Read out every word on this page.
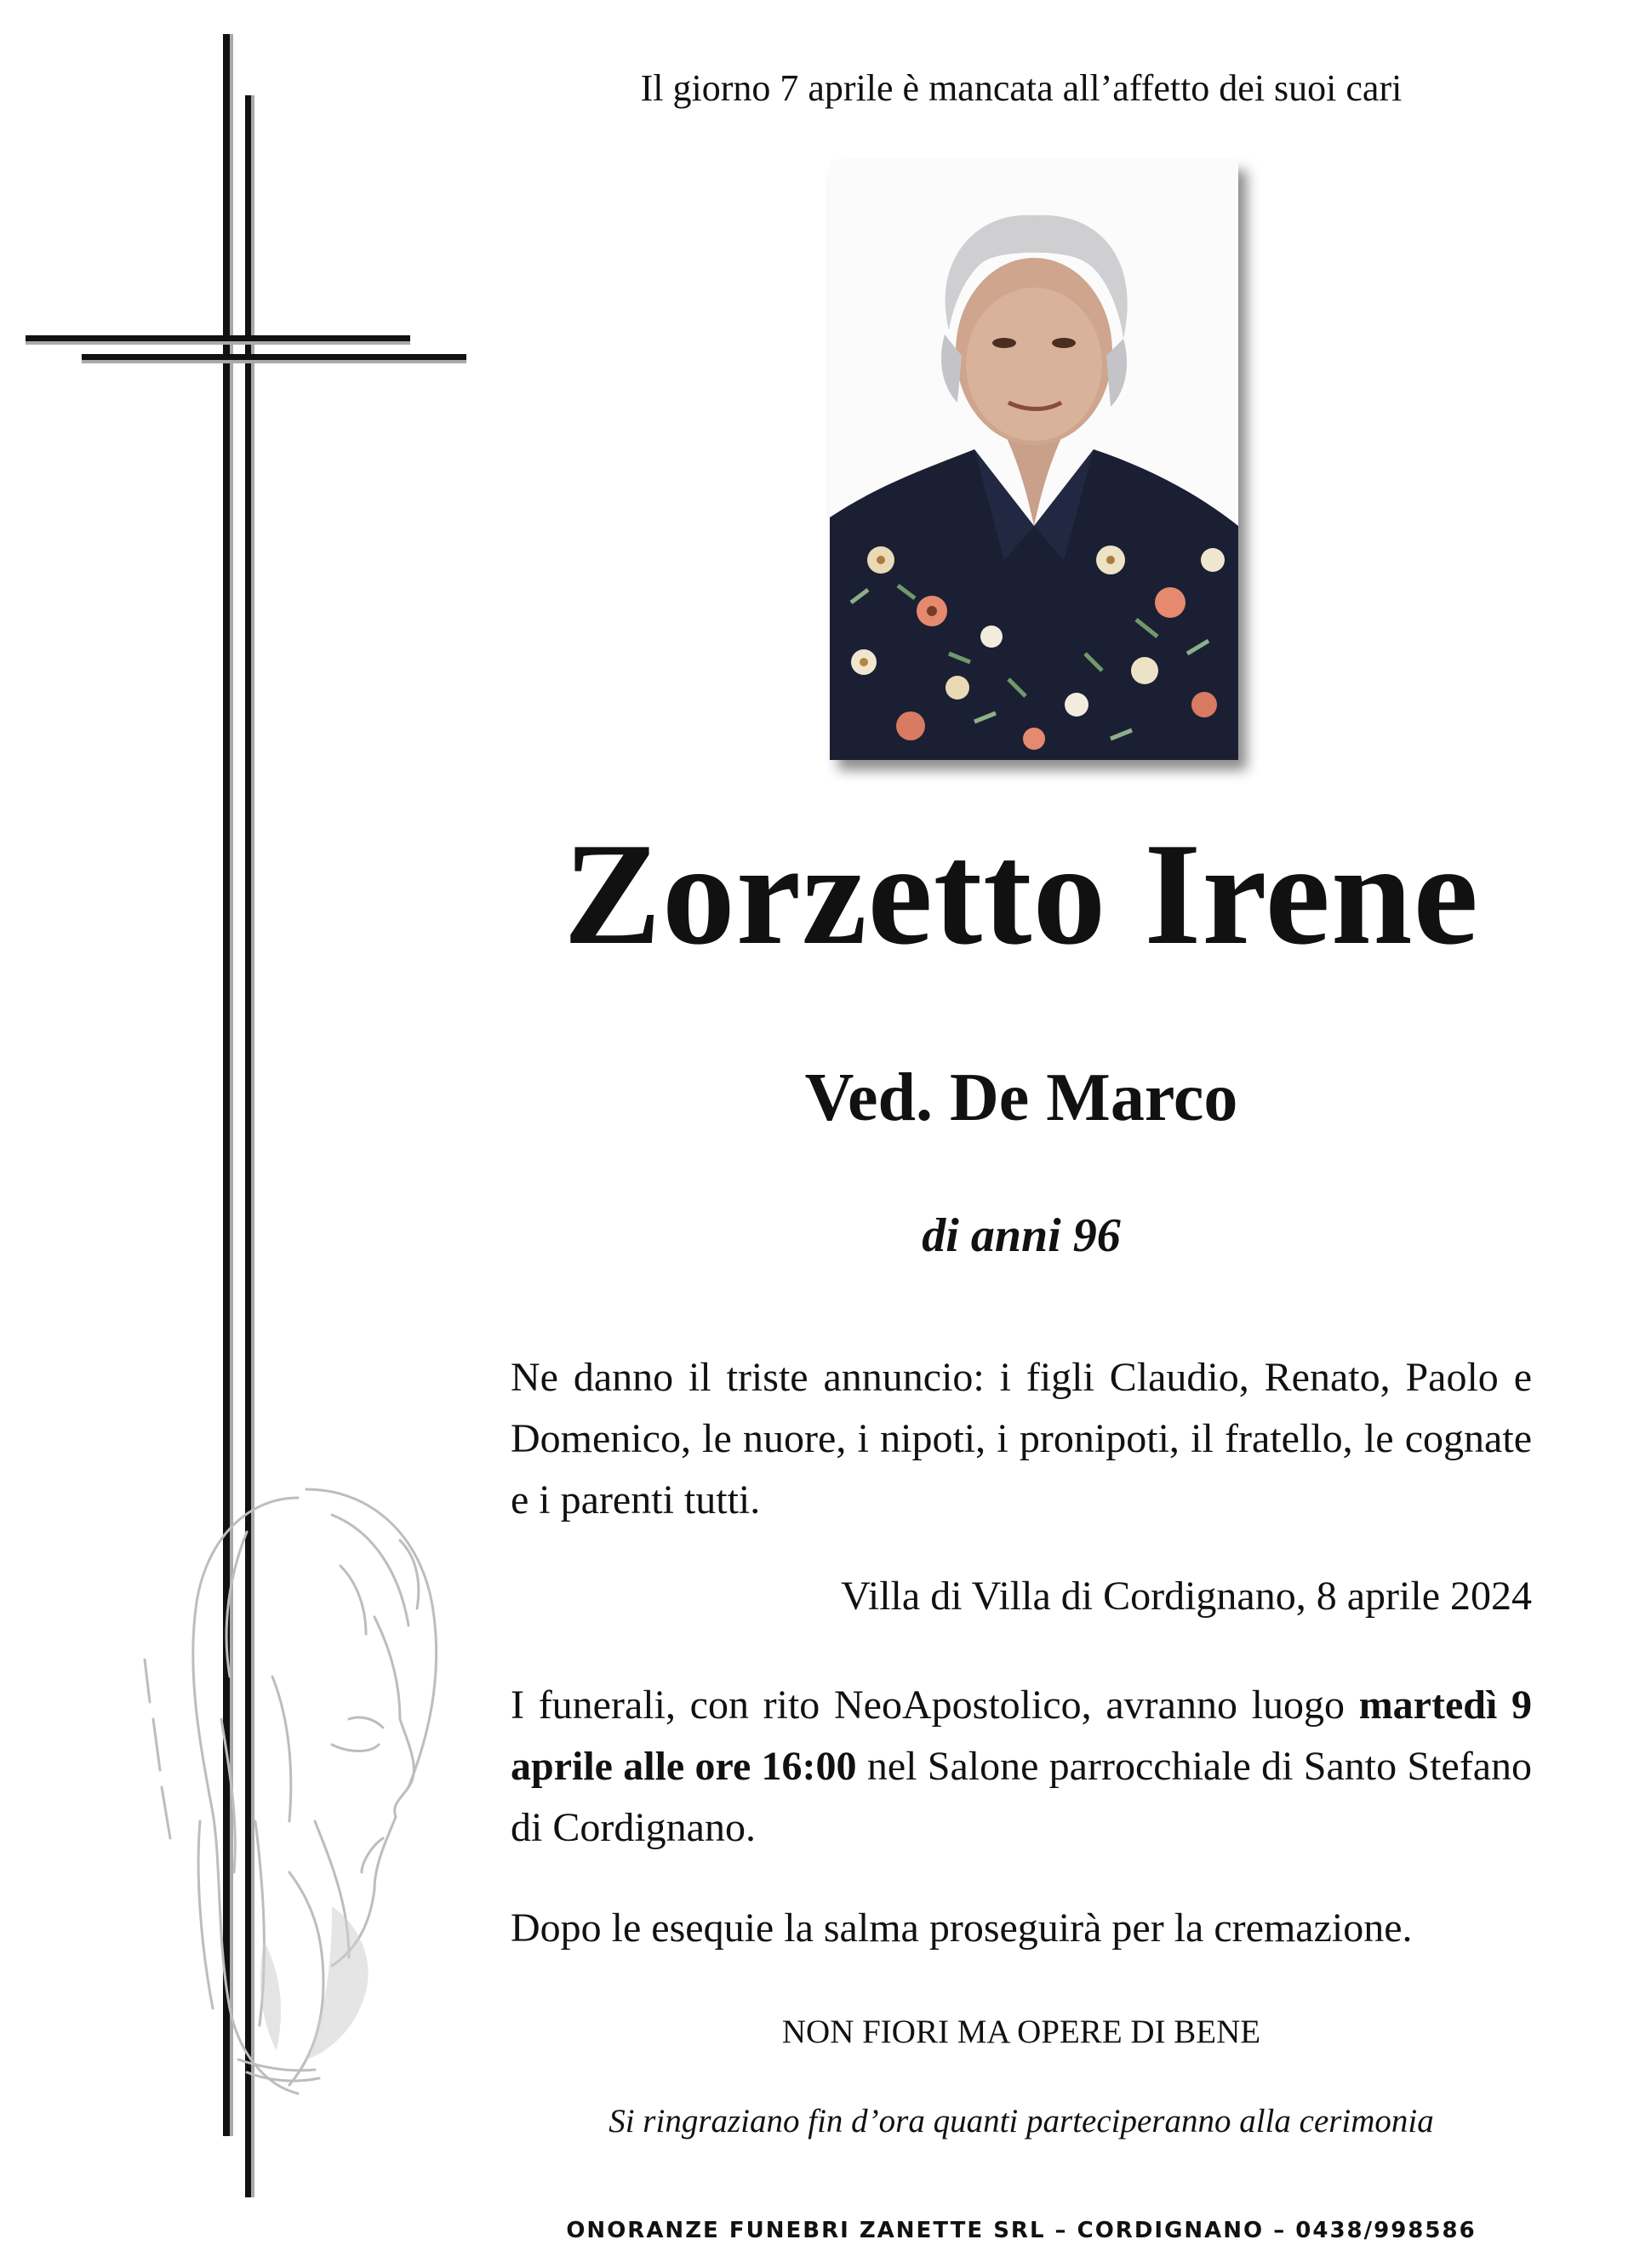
Il giorno 7 aprile è mancata all’affetto dei suoi cari
Zorzetto Irene
Ved. De Marco
di anni 96
Ne danno il triste annuncio: i figli Claudio, Renato, Paolo e Domenico, le nuore, i nipoti, i pronipoti, il fratello, le cognate e i parenti tutti.
Villa di Villa di Cordignano, 8 aprile 2024
I funerali, con rito NeoApostolico, avranno luogo martedì 9 aprile alle ore 16:00 nel Salone parrocchiale di Santo Stefano di Cordignano.
Dopo le esequie la salma proseguirà per la cremazione.
NON FIORI MA OPERE DI BENE
Si ringraziano fin d’ora quanti parteciperanno alla cerimonia
ONORANZE FUNEBRI ZANETTE SRL – CORDIGNANO – 0438/998586
